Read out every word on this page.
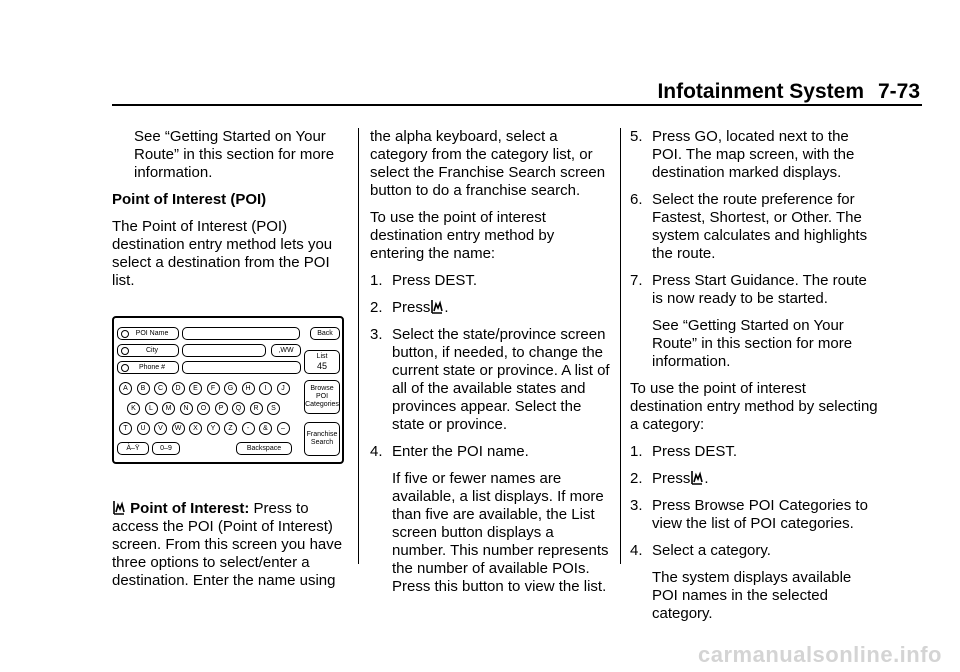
Infotainment System 7-73

See “Getting Started on Your Route” in this section for more information.

Point of Interest (POI)

The Point of Interest (POI) destination entry method lets you select a destination from the POI list.

POI Name	Back
City	,WW
Phone #
List
45
Browse POI Categories
Franchise Search
A	B	C	D	E	F	G	H	I	J
K	L	M	N	O	P	Q	R	S
T	U	V	W	X	Y	Z	-	&	–
À–Ÿ	0–9	Backspace

Point of Interest: Press to access the POI (Point of Interest) screen. From this screen you have three options to select/enter a destination. Enter the name using

the alpha keyboard, select a category from the category list, or select the Franchise Search screen button to do a franchise search.

To use the point of interest destination entry method by entering the name:

1. Press DEST.
2. Press .
3. Select the state/province screen button, if needed, to change the current state or province. A list of all of the available states and provinces appear. Select the state or province.
4. Enter the POI name.

If five or fewer names are available, a list displays. If more than five are available, the List screen button displays a number. This number represents the number of available POIs. Press this button to view the list.

5. Press GO, located next to the POI. The map screen, with the destination marked displays.
6. Select the route preference for Fastest, Shortest, or Other. The system calculates and highlights the route.
7. Press Start Guidance. The route is now ready to be started.

See “Getting Started on Your Route” in this section for more information.

To use the point of interest destination entry method by selecting a category:

1. Press DEST.
2. Press .
3. Press Browse POI Categories to view the list of POI categories.
4. Select a category.

The system displays available POI names in the selected category.

carmanualsonline.info
